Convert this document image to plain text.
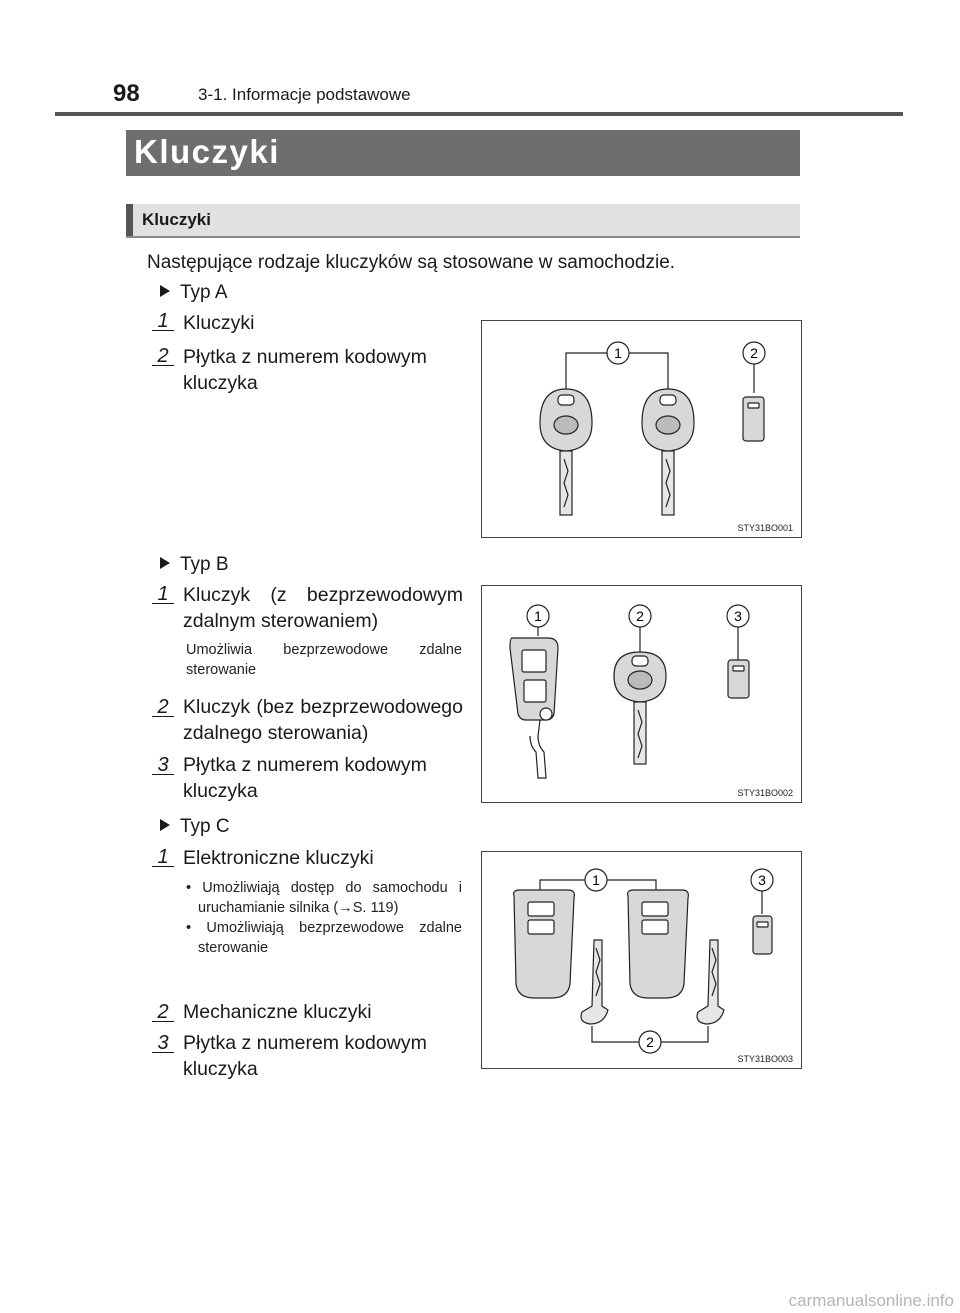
98	3-1. Informacje podstawowe
Kluczyki
Kluczyki
Następujące rodzaje kluczyków są stosowane w samochodzie.
Typ A
1 Kluczyki
2 Płytka z numerem kodowym kluczyka
1	2
STY31BO001
Typ B
1 Kluczyk (z bezprzewodowym zdalnym sterowaniem)
Umożliwia bezprzewodowe zdalne sterowanie
2 Kluczyk (bez bezprzewodowego zdalnego sterowania)
3 Płytka z numerem kodowym kluczyka
1	2	3
STY31BO002
Typ C
1 Elektroniczne kluczyki
• Umożliwiają dostęp do samochodu i uruchamianie silnika (→S. 119)
• Umożliwiają bezprzewodowe zdalne sterowanie
2 Mechaniczne kluczyki
3 Płytka z numerem kodowym kluczyka
1
2
3
STY31BO003
carmanualsonline.info
